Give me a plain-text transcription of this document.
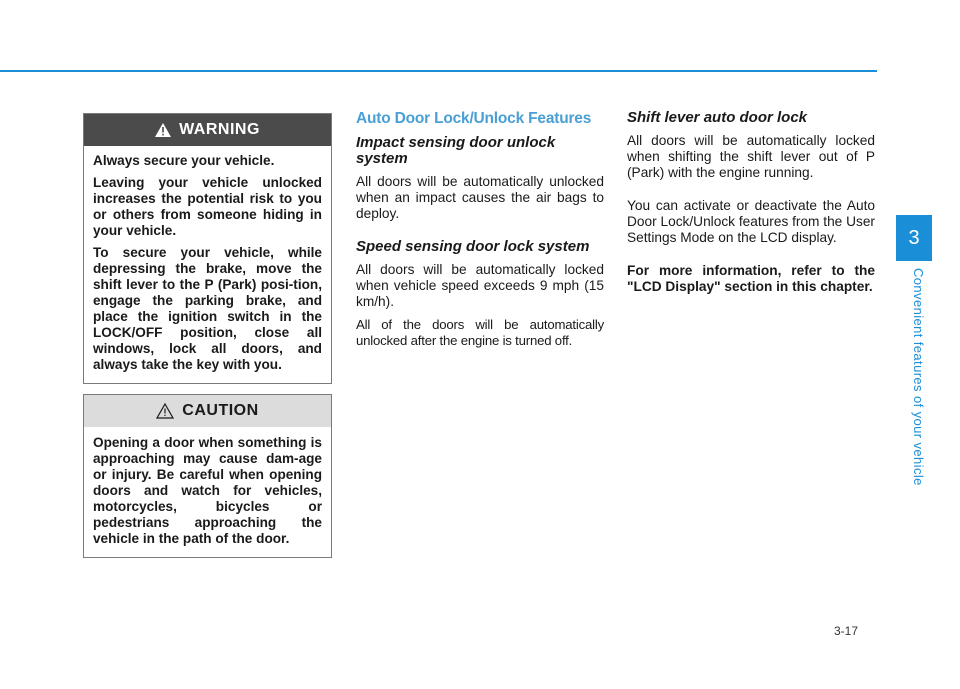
WARNING

Always secure your vehicle.

Leaving your vehicle unlocked increases the potential risk to you or others from someone hiding in your vehicle.

To secure your vehicle, while depressing the brake, move the shift lever to the P (Park) posi-tion, engage the parking brake, and place the ignition switch in the LOCK/OFF position, close all windows, lock all doors, and always take the key with you.

CAUTION

Opening a door when something is approaching may cause dam-age or injury. Be careful when opening doors and watch for vehicles, motorcycles, bicycles or pedestrians approaching the vehicle in the path of the door.

Auto Door Lock/Unlock Features
Impact sensing door unlock system

All doors will be automatically unlocked when an impact causes the air bags to deploy.

Speed sensing door lock system

All doors will be automatically locked when vehicle speed exceeds 9 mph (15 km/h).

All of the doors will be automatically unlocked after the engine is turned off.

Shift lever auto door lock

All doors will be automatically locked when shifting the shift lever out of P (Park) with the engine running.

You can activate or deactivate the Auto Door Lock/Unlock features from the User Settings Mode on the LCD display.

For more information, refer to the "LCD Display" section in this chapter.

3
Convenient features of your vehicle
3-17
